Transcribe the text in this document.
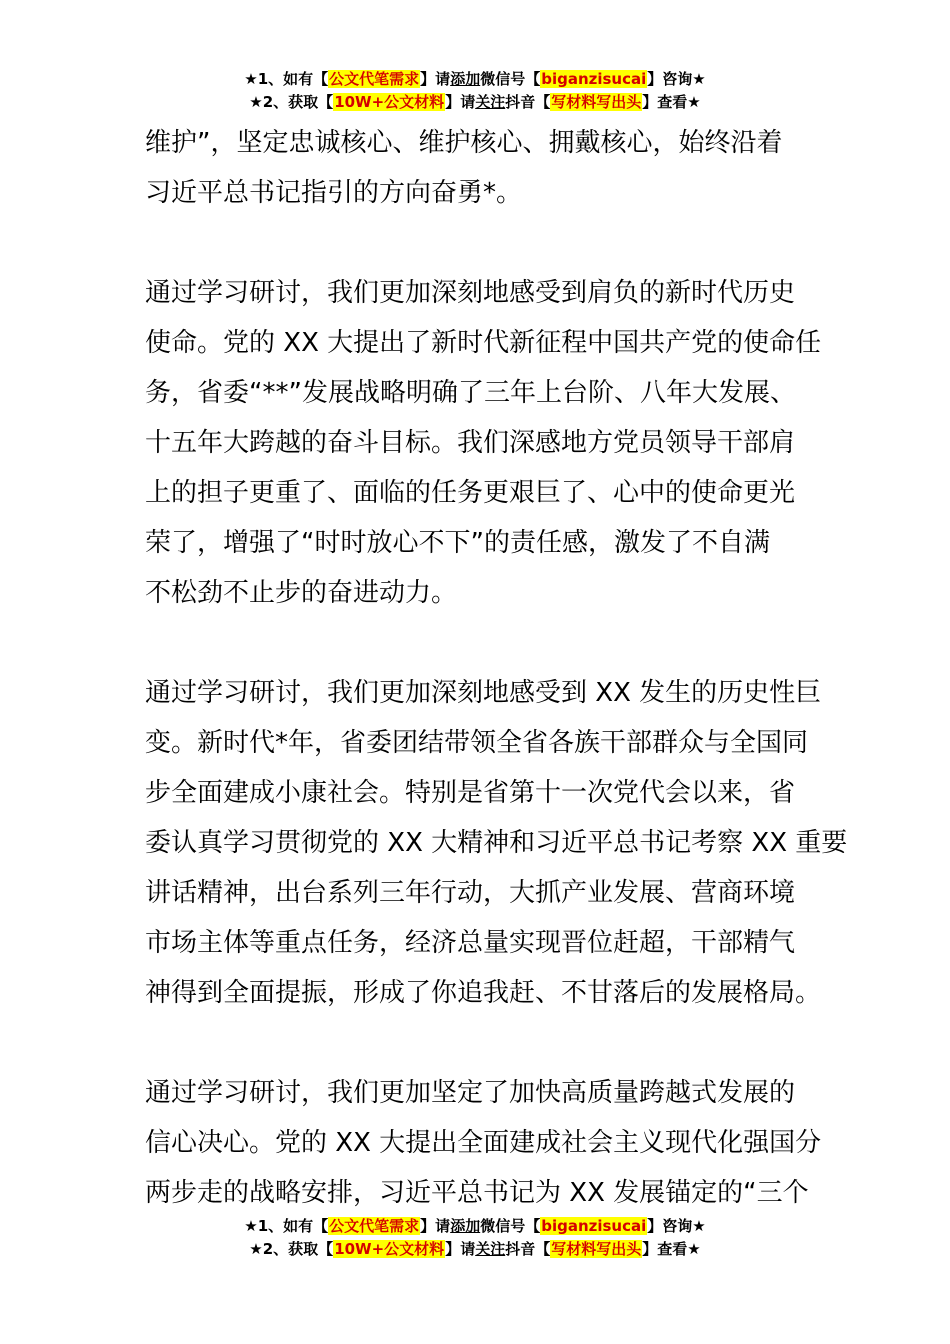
★1、如有【公文代笔需求】请添加微信号【biganzisucai】咨询★
★2、获取【10W+公文材料】请关注抖音【写材料写出头】查看★
维护”，坚定忠诚核心、维护核心、拥戴核心，始终沿着
习近平总书记指引的方向奋勇*。
通过学习研讨，我们更加深刻地感受到肩负的新时代历史
使命。党的 XX 大提出了新时代新征程中国共产党的使命任
务，省委“**”发展战略明确了三年上台阶、八年大发展、
十五年大跨越的奋斗目标。我们深感地方党员领导干部肩
上的担子更重了、面临的任务更艰巨了、心中的使命更光
荣了，增强了“时时放心不下”的责任感，激发了不自满
不松劲不止步的奋进动力。
通过学习研讨，我们更加深刻地感受到 XX 发生的历史性巨
变。新时代*年，省委团结带领全省各族干部群众与全国同
步全面建成小康社会。特别是省第十一次党代会以来，省
委认真学习贯彻党的 XX 大精神和习近平总书记考察 XX 重要
讲话精神，出台系列三年行动，大抓产业发展、营商环境
市场主体等重点任务，经济总量实现晋位赶超，干部精气
神得到全面提振，形成了你追我赶、不甘落后的发展格局。
通过学习研讨，我们更加坚定了加快高质量跨越式发展的
信心决心。党的 XX 大提出全面建成社会主义现代化强国分
两步走的战略安排，习近平总书记为 XX 发展锚定的“三个
★1、如有【公文代笔需求】请添加微信号【biganzisucai】咨询★
★2、获取【10W+公文材料】请关注抖音【写材料写出头】查看★
